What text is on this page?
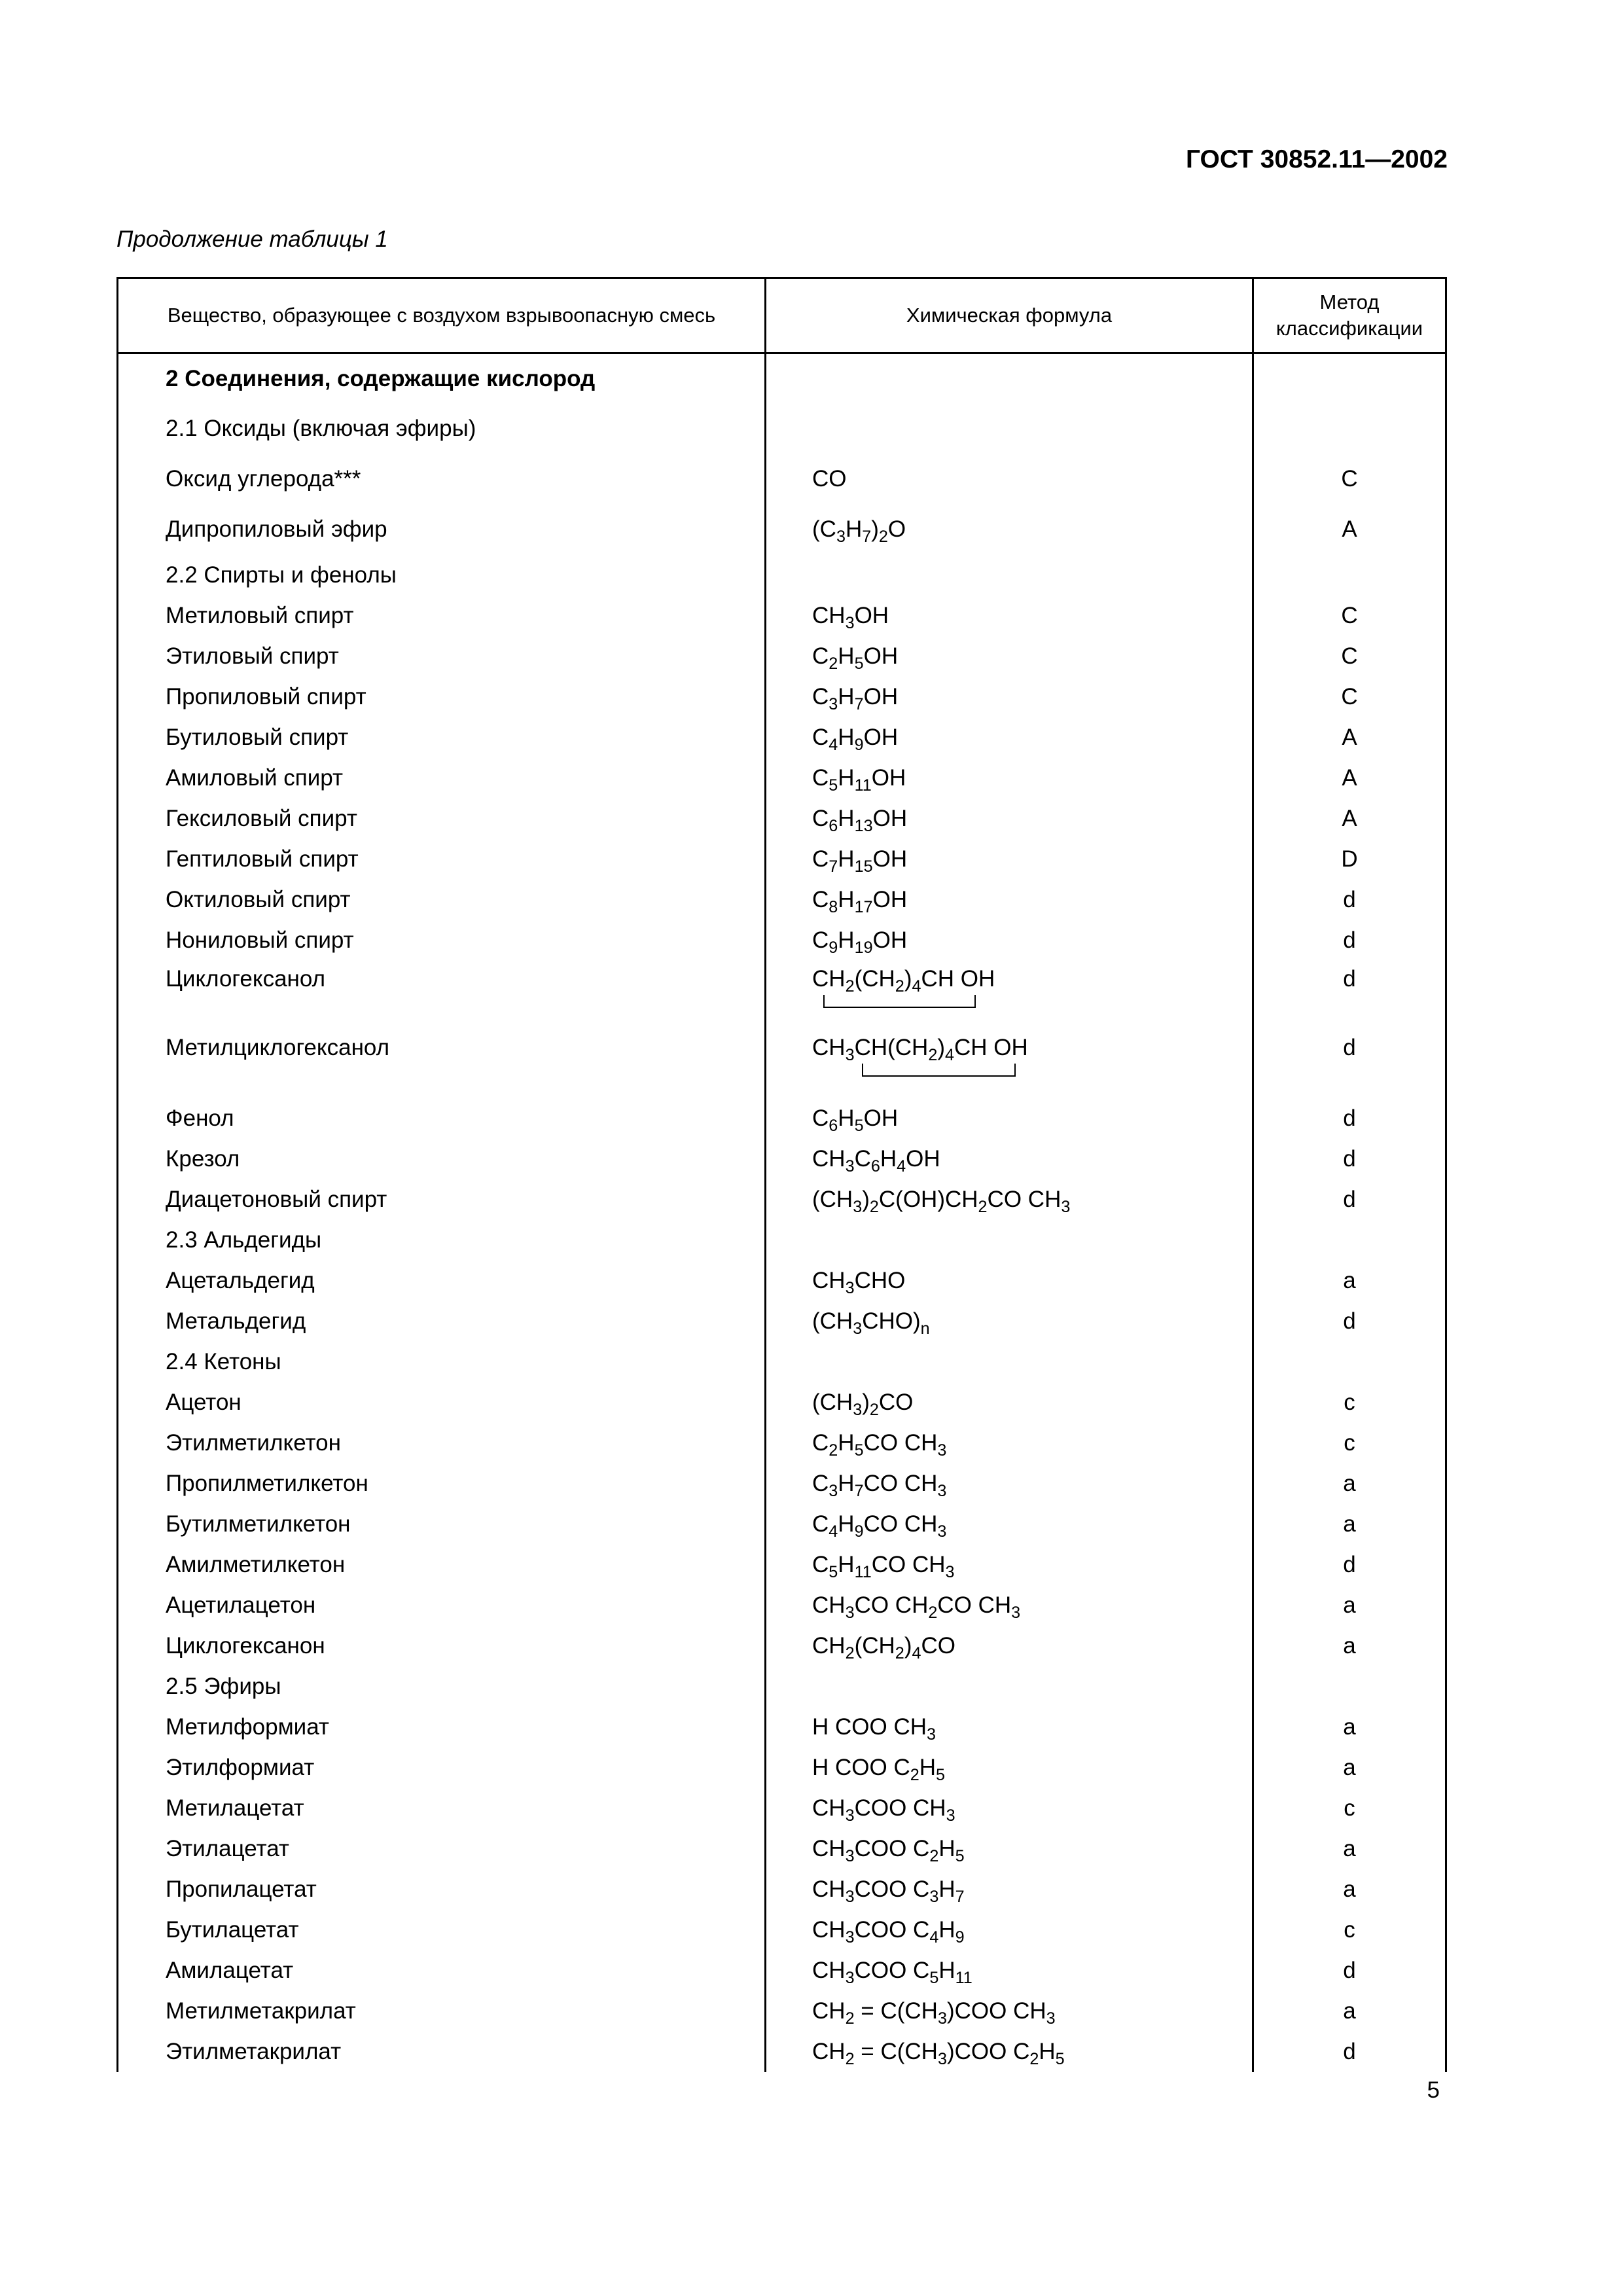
ГОСТ 30852.11—2002
Продолжение таблицы 1
Вещество, образующее с воздухом взрывоопасную смесь	Химическая формула	Метод классификации
2 Соединения, содержащие кислород		
2.1 Оксиды (включая эфиры)		
Оксид углерода***	CO	C
Дипропиловый эфир	$(C_3H_7)_2O$	A
2.2 Спирты и фенолы		
Метиловый спирт	$CH_3OH$	C
Этиловый спирт	$C_2H_5OH$	C
Пропиловый спирт	$C_3H_7OH$	C
Бутиловый спирт	$C_4H_9OH$	A
Амиловый спирт	$C_5H_{11}OH$	A
Гексиловый спирт	$C_6H_{13}OH$	A
Гептиловый спирт	$C_7H_{15}OH$	D
Октиловый спирт	$C_8H_{17}OH$	d
Нониловый спирт	$C_9H_{19}OH$	d
Циклогексанол	$CH_2(CH_2)_4CH$ OH	d
Метилциклогексанол	$CH_3CH(CH_2)_4CH$ OH	d
Фенол	$C_6H_5OH$	d
Крезол	$CH_3C_6H_4OH$	d
Диацетоновый спирт	$(CH_3)_2C(OH)CH_2CO$ $CH_3$	d
2.3 Альдегиды		
Ацетальдегид	$CH_3CHO$	a
Метальдегид	$(CH_3CHO)_n$	d
2.4 Кетоны		
Ацетон	$(CH_3)_2CO$	c
Этилметилкетон	$C_2H_5CO$ $CH_3$	c
Пропилметилкетон	$C_3H_7CO$ $CH_3$	a
Бутилметилкетон	$C_4H_9CO$ $CH_3$	a
Амилметилкетон	$C_5H_{11}CO$ $CH_3$	d
Ацетилацетон	$CH_3CO$ $CH_2CO$ $CH_3$	a
Циклогексанон	$CH_2(CH_2)_4CO$	a
2.5 Эфиры		
Метилформиат	H COO $CH_3$	a
Этилформиат	H COO $C_2H_5$	a
Метилацетат	$CH_3COO$ $CH_3$	c
Этилацетат	$CH_3COO$ $C_2H_5$	a
Пропилацетат	$CH_3COO$ $C_3H_7$	a
Бутилацетат	$CH_3COO$ $C_4H_9$	c
Амилацетат	$CH_3COO$ $C_5H_{11}$	d
Метилметакрилат	$CH_2 = C(CH_3)COO$ $CH_3$	a
Этилметакрилат	$CH_2 = C(CH_3)COO$ $C_2H_5$	d
5
